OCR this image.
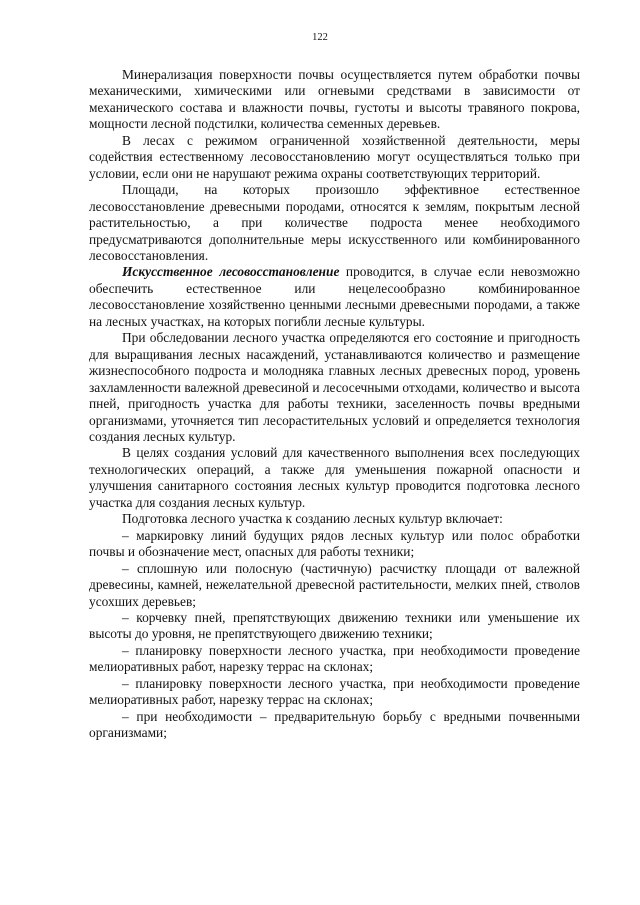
122

Минерализация поверхности почвы осуществляется путем обработки почвы механическими, химическими или огневыми средствами в зависимости от механического состава и влажности почвы, густоты и высоты травяного покрова, мощности лесной подстилки, количества семенных деревьев.

В лесах с режимом ограниченной хозяйственной деятельности, меры содействия естественному лесовосстановлению могут осуществляться только при условии, если они не нарушают режима охраны соответствующих территорий.

Площади, на которых произошло эффективное естественное лесовосстановление древесными породами, относятся к землям, покрытым лесной растительностью, а при количестве подроста менее необходимого предусматриваются дополнительные меры искусственного или комбинированного лесовосстановления.

Искусственное лесовосстановление проводится, в случае если невозможно обеспечить естественное или нецелесообразно комбинированное лесовосстановление хозяйственно ценными лесными древесными породами, а также на лесных участках, на которых погибли лесные культуры.

При обследовании лесного участка определяются его состояние и пригодность для выращивания лесных насаждений, устанавливаются количество и размещение жизнеспособного подроста и молодняка главных лесных древесных пород, уровень захламленности валежной древесиной и лесосечными отходами, количество и высота пней, пригодность участка для работы техники, заселенность почвы вредными организмами, уточняется тип лесорастительных условий и определяется технология создания лесных культур.

В целях создания условий для качественного выполнения всех последующих технологических операций, а также для уменьшения пожарной опасности и улучшения санитарного состояния лесных культур проводится подготовка лесного участка для создания лесных культур.

Подготовка лесного участка к созданию лесных культур включает:

– маркировку линий будущих рядов лесных культур или полос обработки почвы и обозначение мест, опасных для работы техники;

– сплошную или полосную (частичную) расчистку площади от валежной древесины, камней, нежелательной древесной растительности, мелких пней, стволов усохших деревьев;

– корчевку пней, препятствующих движению техники или уменьшение их высоты до уровня, не препятствующего движению техники;

– планировку поверхности лесного участка, при необходимости проведение мелиоративных работ, нарезку террас на склонах;

– планировку поверхности лесного участка, при необходимости проведение мелиоративных работ, нарезку террас на склонах;

– при необходимости – предварительную борьбу с вредными почвенными организмами;
